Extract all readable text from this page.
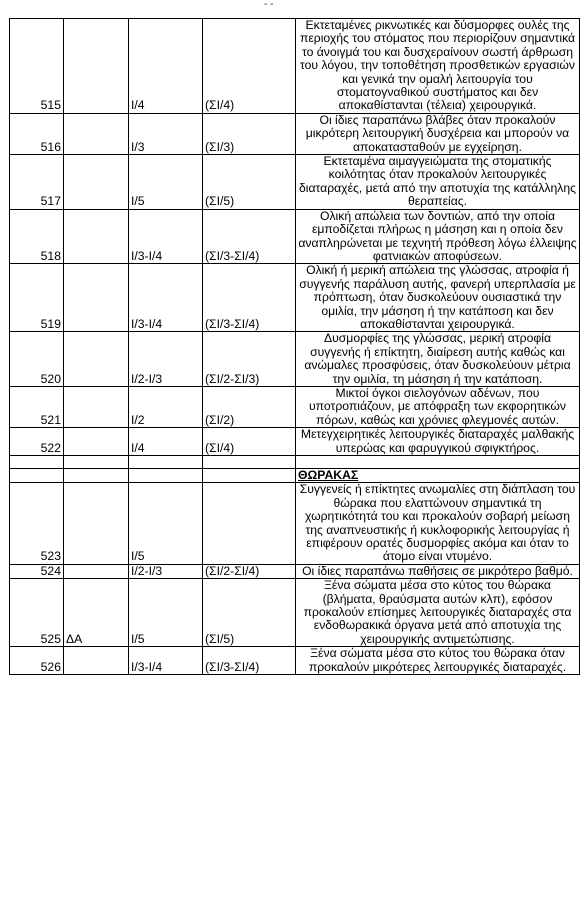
- -
515		I/4	(ΣI/4)	Εκτεταμένες ρικνωτικές και δύσμορφες ουλές της περιοχής του στόματος που περιορίζουν σημαντικά το άνοιγμά του και δυσχεραίνουν σωστή άρθρωση του λόγου, την τοποθέτηση προσθετικών εργασιών και γενικά την ομαλή λειτουργία του στοματογναθικού συστήματος και δεν αποκαθίστανται (τέλεια) χειρουργικά.
516		I/3	(ΣI/3)	Οι ίδιες παραπάνω βλάβες όταν προκαλούν μικρότερη λειτουργική δυσχέρεια και μπορούν να αποκατασταθούν με εγχείρηση.
517		I/5	(ΣI/5)	Εκτεταμένα αιμαγγειώματα της στοματικής κοιλότητας όταν προκαλούν λειτουργικές διαταραχές, μετά από την αποτυχία της κατάλληλης θεραπείας.
518		I/3-I/4	(ΣI/3-ΣI/4)	Ολική απώλεια των δοντιών, από την οποία εμποδίζεται πλήρως η μάσηση και η οποία δεν αναπληρώνεται με τεχνητή πρόθεση λόγω έλλειψης φατνιακών αποφύσεων.
519		I/3-I/4	(ΣI/3-ΣI/4)	Ολική ή μερική απώλεια της γλώσσας, ατροφία ή συγγενής παράλυση αυτής, φανερή υπερπλασία με πρόπτωση, όταν δυσκολεύουν ουσιαστικά την ομιλία, την μάσηση ή την κατάποση και δεν αποκαθίστανται χειρουργικά.
520		I/2-I/3	(ΣI/2-ΣI/3)	Δυσμορφίες της γλώσσας, μερική ατροφία συγγενής ή επίκτητη, διαίρεση αυτής καθώς και ανώμαλες προσφύσεις, όταν δυσκολεύουν μέτρια την ομιλία, τη μάσηση ή την κατάποση.
521		I/2	(ΣI/2)	Μικτοί όγκοι σιελογόνων αδένων, που υποτροπιάζουν, με απόφραξη των εκφορητικών πόρων, καθώς και χρόνιες φλεγμονές αυτών.
522		I/4	(ΣI/4)	Μετεγχειρητικές λειτουργικές διαταραχές μαλθακής υπερώας και φαρυγγικού σφιγκτήρος.

				ΘΩΡΑΚΑΣ
523		I/5		Συγγενείς ή επίκτητες ανωμαλίες στη διάπλαση του θώρακα που ελαττώνουν σημαντικά τη χωρητικότητά του και προκαλούν σοβαρή μείωση της αναπνευστικής ή κυκλοφορικής λειτουργίας ή επιφέρουν ορατές δυσμορφίες ακόμα και όταν το άτομο είναι ντυμένο.
524		I/2-I/3	(ΣI/2-ΣI/4)	Οι ίδιες παραπάνω παθήσεις σε μικρότερο βαθμό.
525	ΔΑ	I/5	(ΣI/5)	Ξένα σώματα μέσα στο κύτος του θώρακα (βλήματα, θραύσματα αυτών κλπ), εφόσον προκαλούν επίσημες λειτουργικές διαταραχές στα ενδοθωρακικά όργανα μετά από αποτυχία της χειρουργικής αντιμετώπισης.
526		I/3-I/4	(ΣI/3-ΣI/4)	Ξένα σώματα μέσα στο κύτος του θώρακα όταν προκαλούν μικρότερες λειτουργικές διαταραχές.
